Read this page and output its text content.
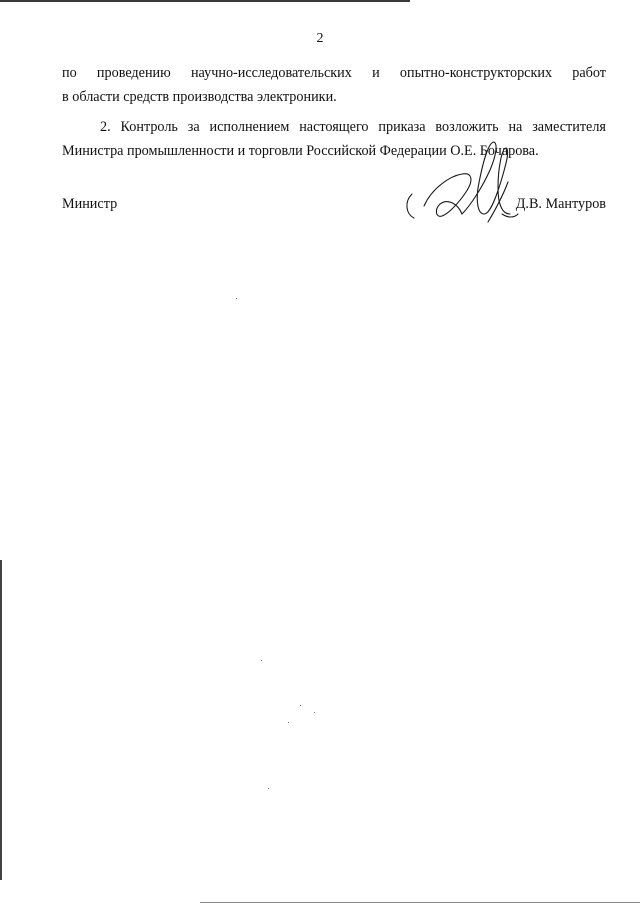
2
по проведению научно-исследовательских и опытно-конструкторских работ
в области средств производства электроники.
2. Контроль за исполнением настоящего приказа возложить на заместителя
Министра промышленности и торговли Российской Федерации О.Е. Бочарова.
Министр	Д.В. Мантуров
